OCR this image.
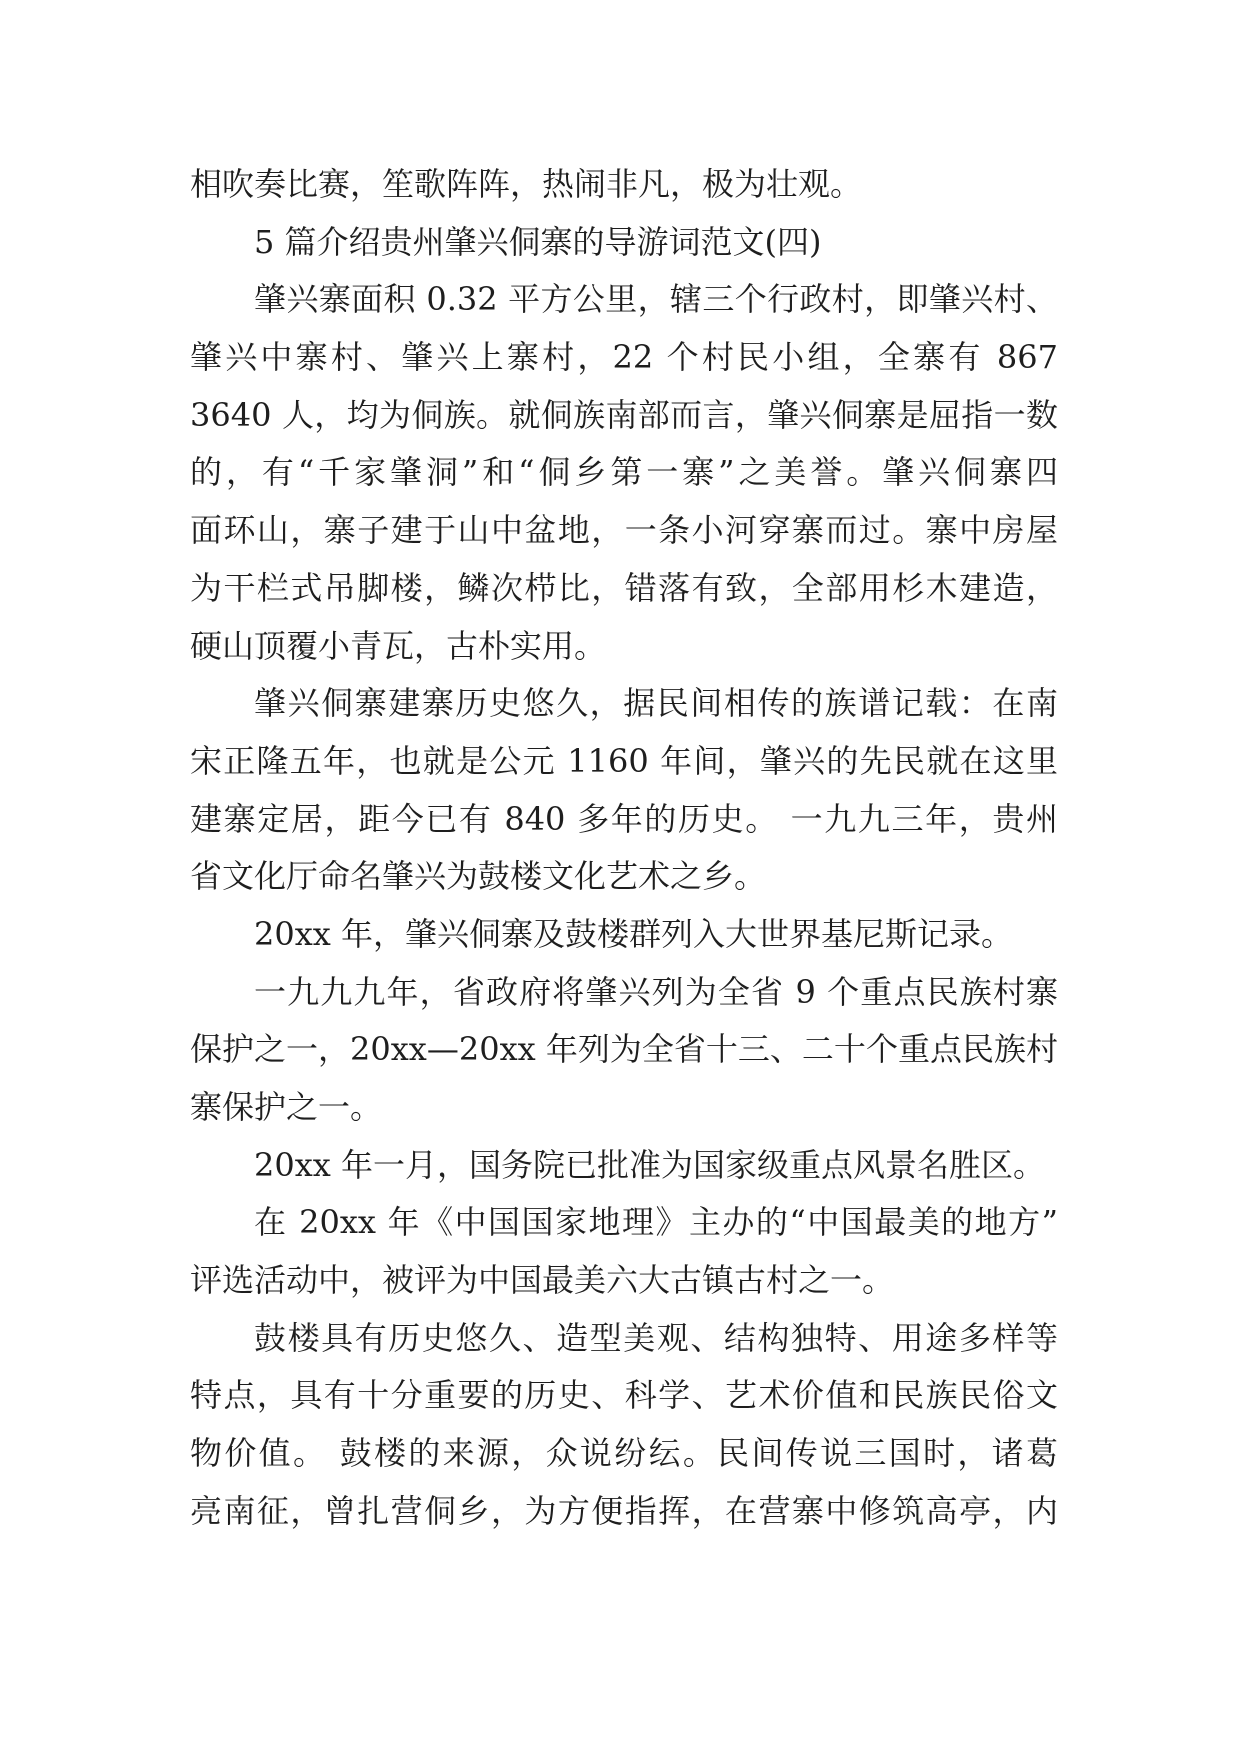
相吹奏比赛，笙歌阵阵，热闹非凡，极为壮观。
5 篇介绍贵州肇兴侗寨的导游词范文(四)
肇兴寨面积 0.32 平方公里，辖三个行政村，即肇兴村、
肇兴中寨村、肇兴上寨村，22 个村民小组，全寨有 867
3640 人，均为侗族。就侗族南部而言，肇兴侗寨是屈指一数
的，有“千家肇洞”和“侗乡第一寨”之美誉。肇兴侗寨四
面环山，寨子建于山中盆地，一条小河穿寨而过。寨中房屋
为干栏式吊脚楼，鳞次栉比，错落有致，全部用杉木建造，
硬山顶覆小青瓦，古朴实用。
肇兴侗寨建寨历史悠久，据民间相传的族谱记载：在南
宋正隆五年，也就是公元 1160 年间，肇兴的先民就在这里
建寨定居，距今已有 840 多年的历史。 一九九三年，贵州
省文化厅命名肇兴为鼓楼文化艺术之乡。
20xx 年，肇兴侗寨及鼓楼群列入大世界基尼斯记录。
一九九九年，省政府将肇兴列为全省 9 个重点民族村寨
保护之一，20xx—20xx 年列为全省十三、二十个重点民族村
寨保护之一。
20xx 年一月，国务院已批准为国家级重点风景名胜区。
在 20xx 年《中国国家地理》主办的“中国最美的地方”
评选活动中，被评为中国最美六大古镇古村之一。
鼓楼具有历史悠久、造型美观、结构独特、用途多样等
特点，具有十分重要的历史、科学、艺术价值和民族民俗文
物价值。 鼓楼的来源，众说纷纭。民间传说三国时，诸葛
亮南征，曾扎营侗乡，为方便指挥，在营寨中修筑高亭，内
